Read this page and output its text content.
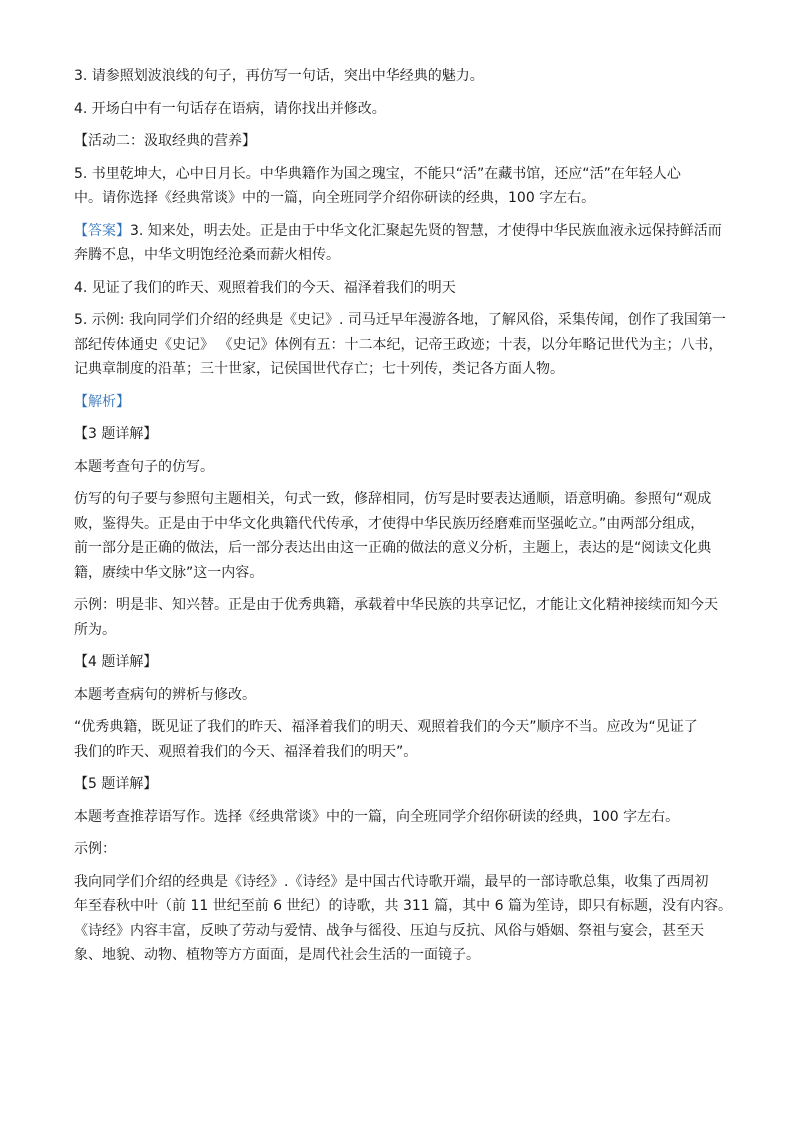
3. 请参照划波浪线的句子，再仿写一句话，突出中华经典的魅力。

4. 开场白中有一句话存在语病，请你找出并修改。

【活动二：汲取经典的营养】

5. 书里乾坤大，心中日月长。中华典籍作为国之瑰宝，不能只“活”在藏书馆，还应“活”在年轻人心

中。请你选择《经典常谈》中的一篇，向全班同学介绍你研读的经典，100 字左右。

【答案】3. 知来处，明去处。正是由于中华文化汇聚起先贤的智慧，才使得中华民族血液永远保持鲜活而

奔腾不息，中华文明饱经沧桑而薪火相传。

4. 见证了我们的昨天、观照着我们的今天、福泽着我们的明天

5. 示例: 我向同学们介绍的经典是《史记》. 司马迁早年漫游各地，了解风俗，采集传闻，创作了我国第一

部纪传体通史《史记》 《史记》体例有五：十二本纪，记帝王政迹；十表，以分年略记世代为主；八书，

记典章制度的沿革；三十世家，记侯国世代存亡；七十列传，类记各方面人物。

【解析】

【3 题详解】

本题考查句子的仿写。

仿写的句子要与参照句主题相关，句式一致，修辞相同，仿写是时要表达通顺，语意明确。参照句“观成

败，鉴得失。正是由于中华文化典籍代代传承，才使得中华民族历经磨难而坚强屹立。”由两部分组成，

前一部分是正确的做法，后一部分表达出由这一正确的做法的意义分析，主题上，表达的是“阅读文化典

籍，赓续中华文脉”这一内容。

示例：明是非、知兴替。正是由于优秀典籍，承载着中华民族的共享记忆，才能让文化精神接续而知今天

所为。

【4 题详解】

本题考查病句的辨析与修改。

“优秀典籍，既见证了我们的昨天、福泽着我们的明天、观照着我们的今天”顺序不当。应改为“见证了

我们的昨天、观照着我们的今天、福泽着我们的明天”。

【5 题详解】

本题考查推荐语写作。选择《经典常谈》中的一篇，向全班同学介绍你研读的经典，100 字左右。

示例：

我向同学们介绍的经典是《诗经》.《诗经》是中国古代诗歌开端，最早的一部诗歌总集，收集了西周初

年至春秋中叶（前 11 世纪至前 6 世纪）的诗歌，共 311 篇，其中 6 篇为笙诗，即只有标题，没有内容。

《诗经》内容丰富，反映了劳动与爱情、战争与徭役、压迫与反抗、风俗与婚姻、祭祖与宴会，甚至天

象、地貌、动物、植物等方方面面，是周代社会生活的一面镜子。
